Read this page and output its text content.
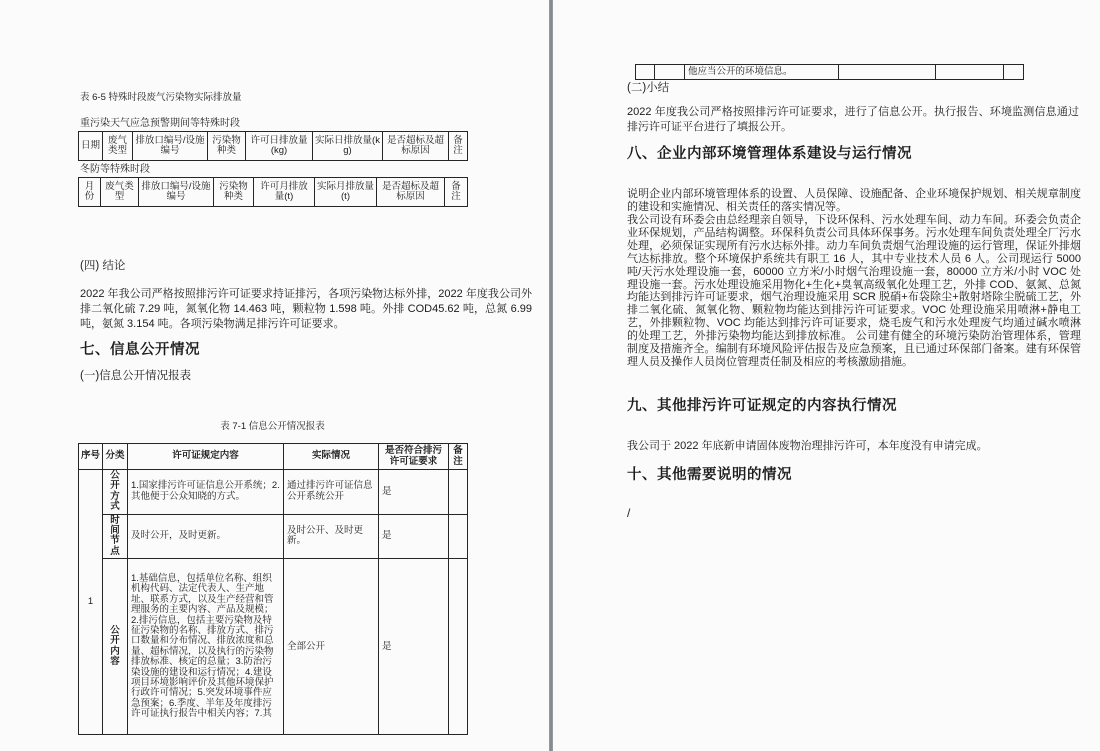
表 6-5 特殊时段废气污染物实际排放量
重污染天气应急预警期间等特殊时段
日期	废气类型	排放口编号/设施编号	污染物种类	许可日排放量(kg)	实际日排放量(kg)	是否超标及超标原因	备注
冬防等特殊时段
月份	废气类型	排放口编号/设施编号	污染物种类	许可月排放量(t)	实际月排放量(t)	是否超标及超标原因	备注
(四) 结论
2022 年我公司严格按照排污许可证要求持证排污，各项污染物达标外排，2022 年度我公司外排二氧化硫 7.29 吨，氮氧化物 14.463 吨，颗粒物 1.598 吨。外排 COD45.62 吨，总氮 6.99 吨，氨氮 3.154 吨。各项污染物满足排污许可证要求。
七、信息公开情况
(一)信息公开情况报表
表 7-1 信息公开情况报表
序号	分类	许可证规定内容	实际情况	是否符合排污许可证要求	备注
1	公开方式	1.国家排污许可证信息公开系统；2.其他便于公众知晓的方式。	通过排污许可证信息公开系统公开	是	
	时间节点	及时公开，及时更新。	及时公开、及时更新。	是	
	公开内容	1.基础信息，包括单位名称、组织机构代码、法定代表人、生产地址、联系方式，以及生产经营和管理服务的主要内容、产品及规模；2.排污信息，包括主要污染物及特征污染物的名称、排放方式、排污口数量和分布情况、排放浓度和总量、超标情况，以及执行的污染物排放标准、核定的总量；3.防治污染设施的建设和运行情况；4.建设项目环境影响评价及其他环境保护行政许可情况；5.突发环境事件应急预案；6.季度、半年及年度排污许可证执行报告中相关内容；7.其	全部公开	是	
		他应当公开的环境信息。			
(二)小结
2022 年度我公司严格按照排污许可证要求，进行了信息公开。执行报告、环境监测信息通过排污许可证平台进行了填报公开。
八、企业内部环境管理体系建设与运行情况
说明企业内部环境管理体系的设置、人员保障、设施配备、企业环境保护规划、相关规章制度的建设和实施情况、相关责任的落实情况等。
我公司设有环委会由总经理亲自领导，下设环保科、污水处理车间、动力车间。环委会负责企业环保规划，产品结构调整。环保科负责公司具体环保事务。污水处理车间负责处理全厂污水处理，必须保证实现所有污水达标外排。动力车间负责烟气治理设施的运行管理，保证外排烟气达标排放。整个环境保护系统共有职工 16 人，其中专业技术人员 6 人。公司现运行 5000 吨/天污水处理设施一套，60000 立方米/小时烟气治理设施一套，80000 立方米/小时 VOC 处理设施一套。污水处理设施采用物化+生化+臭氧高级氧化处理工艺，外排 COD、氨氮、总氮均能达到排污许可证要求，烟气治理设施采用 SCR 脱硝+布袋除尘+散射塔除尘脱硫工艺，外排二氧化硫、氮氧化物、颗粒物均能达到排污许可证要求。VOC 处理设施采用喷淋+静电工艺，外排颗粒物、VOC 均能达到排污许可证要求，烧毛废气和污水处理废气均通过碱水喷淋的处理工艺，外排污染物均能达到排放标准。 公司建有健全的环境污染防治管理体系，管理制度及措施齐全。编制有环境风险评估报告及应急预案，且已通过环保部门备案。建有环保管理人员及操作人员岗位管理责任制及相应的考核激励措施。
九、其他排污许可证规定的内容执行情况
我公司于 2022 年底新申请固体废物治理排污许可，本年度没有申请完成。
十、其他需要说明的情况
/
